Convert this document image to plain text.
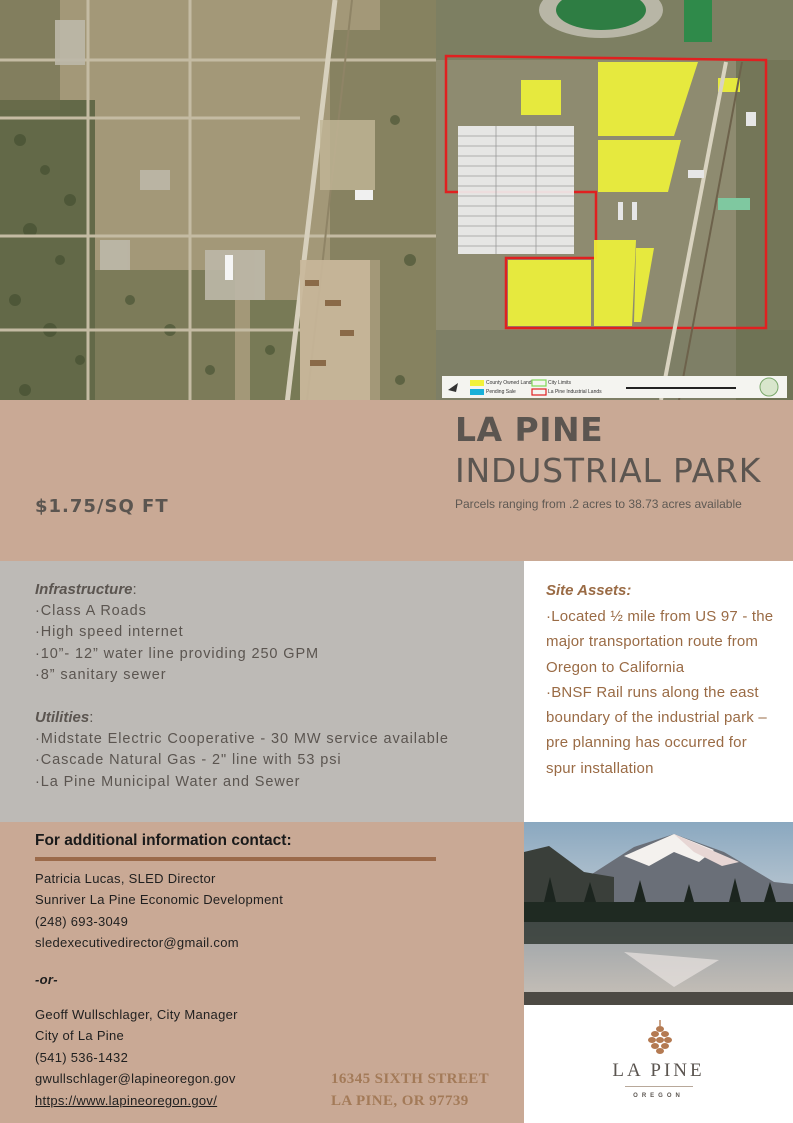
County Owned Land
Pending Sale
City Limits
La Pine Industrial Lands
LA PINE
INDUSTRIAL PARK
Parcels ranging from .2 acres to 38.73 acres available
$1.75/SQ FT
Infrastructure:
·Class A Roads
·High speed internet
·10”- 12” water line providing 250 GPM
·8” sanitary sewer
Utilities:
·Midstate Electric Cooperative - 30 MW service available
·Cascade Natural Gas - 2" line with 53 psi
·La Pine Municipal Water and Sewer
Site Assets:
·Located ½ mile from US 97 - the major transportation route from Oregon to California
·BNSF Rail runs along the east boundary of the industrial park – pre planning has occurred for spur installation
For additional information contact:
Patricia Lucas, SLED Director
Sunriver La Pine Economic Development
(248) 693-3049
sledexecutivedirector@gmail.com
-or-
Geoff Wullschlager, City Manager
City of La Pine
(541) 536-1432
gwullschlager@lapineoregon.gov
https://www.lapineoregon.gov/
16345 SIXTH STREET
LA PINE, OR 97739
LA PINE
OREGON
